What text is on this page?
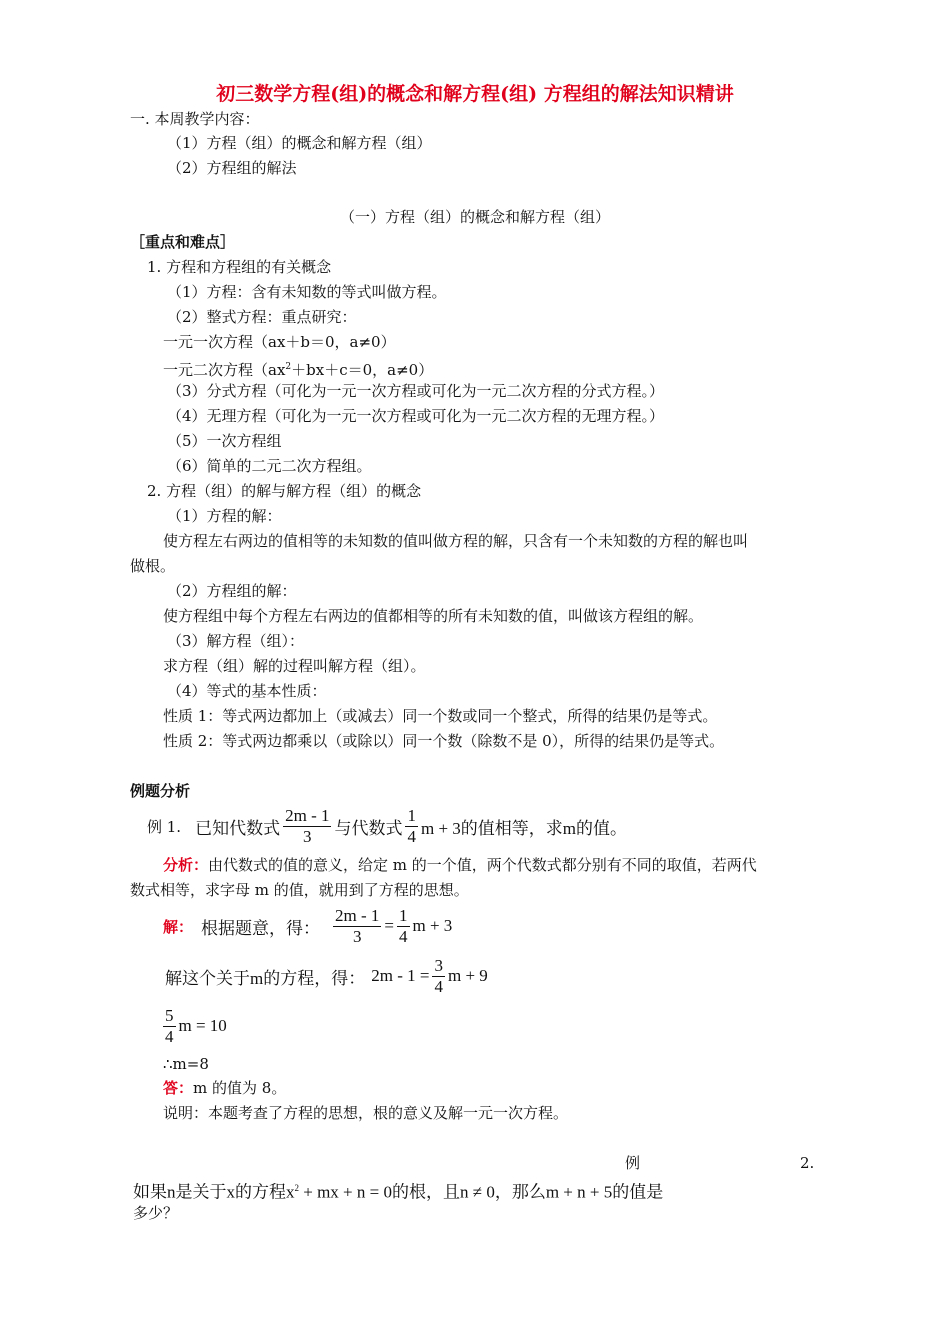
初三数学方程(组)的概念和解方程(组) 方程组的解法知识精讲
一. 本周教学内容：
（1）方程（组）的概念和解方程（组）
（2）方程组的解法
（一）方程（组）的概念和解方程（组）
［重点和难点］
1. 方程和方程组的有关概念
（1）方程：含有未知数的等式叫做方程。
（2）整式方程：重点研究：
一元一次方程（ax＋b＝0，a≠0）
一元二次方程（$ax^2+bx+c=0$，a≠0）
（3）分式方程（可化为一元一次方程或可化为一元二次方程的分式方程。）
（4）无理方程（可化为一元一次方程或可化为一元二次方程的无理方程。）
（5）一次方程组
（6）简单的二元二次方程组。
2. 方程（组）的解与解方程（组）的概念
（1）方程的解：
使方程左右两边的值相等的未知数的值叫做方程的解，只含有一个未知数的方程的解也叫
做根。
（2）方程组的解：
使方程组中每个方程左右两边的值都相等的所有未知数的值，叫做该方程组的解。
（3）解方程（组）：
求方程（组）解的过程叫解方程（组）。
（4）等式的基本性质：
性质 1：等式两边都加上（或减去）同一个数或同一个整式，所得的结果仍是等式。
性质 2：等式两边都乘以（或除以）同一个数（除数不是 0），所得的结果仍是等式。
例题分析
例 1. 已知代数式 $\frac{2m - 1}{3}$ 与代数式 $\frac{1}{4}$ m + 3的值相等，求m的值。
分析：由代数式的值的意义，给定 m 的一个值，两个代数式都分别有不同的取值，若两代
数式相等，求字母 m 的值，就用到了方程的思想。
解： 根据题意，得： $\frac{2m - 1}{3} = \frac{1}{4}$ m + 3
解这个关于m的方程，得： $2m - 1 = \frac{3}{4}$ m + 9
$\frac{5}{4}$ m = 10
∴m=8
答：m 的值为 8。
说明：本题考查了方程的思想，根的意义及解一元一次方程。
例	2.
如果n是关于x的方程$x^2$ + mx + n = 0的根，且n ≠ 0，那么m + n + 5的值是
多少？
